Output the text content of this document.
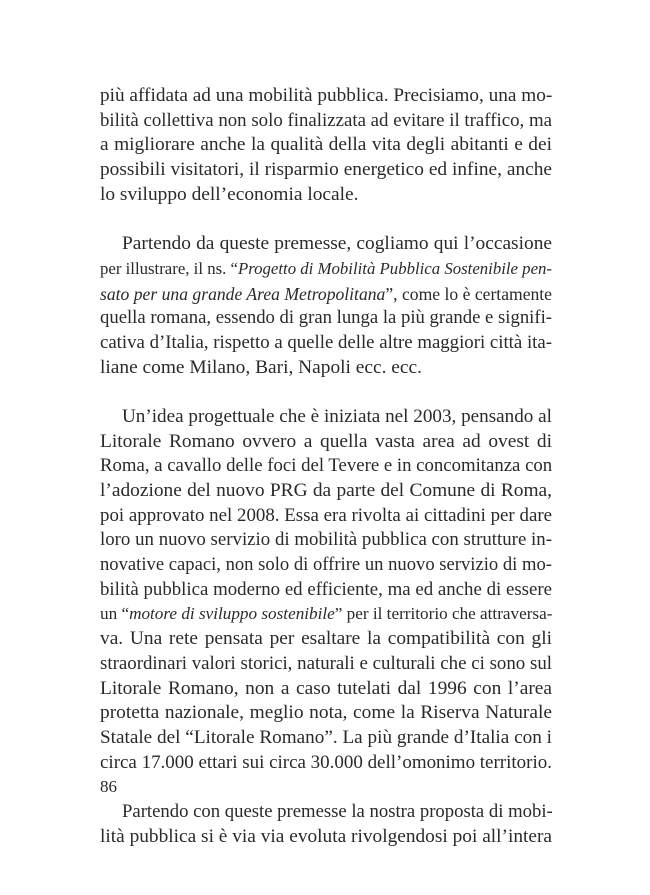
più affidata ad una mobilità pubblica. Precisiamo, una mo-
bilità collettiva non solo finalizzata ad evitare il traffico, ma
a migliorare anche la qualità della vita degli abitanti e dei
possibili visitatori, il risparmio energetico ed infine, anche
lo sviluppo dell’economia locale.
Partendo da queste premesse, cogliamo qui l’occasione
per illustrare, il ns. “Progetto di Mobilità Pubblica Sostenibile pen-
sato per una grande Area Metropolitana”, come lo è certamente
quella romana, essendo di gran lunga la più grande e signifi-
cativa d’Italia, rispetto a quelle delle altre maggiori città ita-
liane come Milano, Bari, Napoli ecc. ecc.
Un’idea progettuale che è iniziata nel 2003, pensando al
Litorale Romano ovvero a quella vasta area ad ovest di
Roma, a cavallo delle foci del Tevere e in concomitanza con
l’adozione del nuovo PRG da parte del Comune di Roma,
poi approvato nel 2008. Essa era rivolta ai cittadini per dare
loro un nuovo servizio di mobilità pubblica con strutture in-
novative capaci, non solo di offrire un nuovo servizio di mo-
bilità pubblica moderno ed efficiente, ma ed anche di essere
un “motore di sviluppo sostenibile” per il territorio che attraversa-
va. Una rete pensata per esaltare la compatibilità con gli
straordinari valori storici, naturali e culturali che ci sono sul
Litorale Romano, non a caso tutelati dal 1996 con l’area
protetta nazionale, meglio nota, come la Riserva Naturale
Statale del “Litorale Romano”. La più grande d’Italia con i
circa 17.000 ettari sui circa 30.000 dell’omonimo territorio.
Partendo con queste premesse la nostra proposta di mobi-
lità pubblica si è via via evoluta rivolgendosi poi all’intera
86
